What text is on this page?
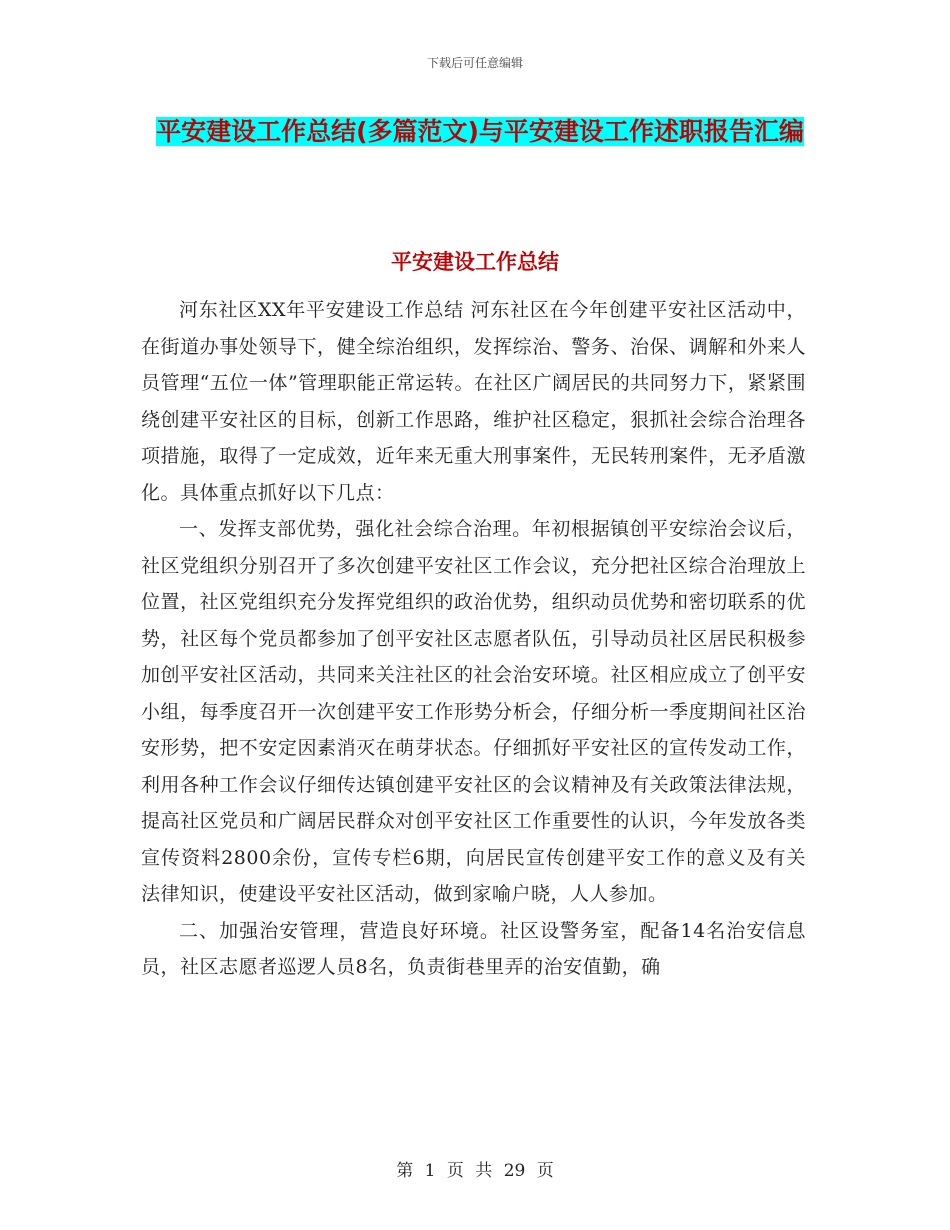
下载后可任意编辑
平安建设工作总结(多篇范文)与平安建设工作述职报告汇编
平安建设工作总结

河东社区XX年平安建设工作总结 河东社区在今年创建平安社区活动中，在街道办事处领导下，健全综治组织，发挥综治、警务、治保、调解和外来人员管理“五位一体”管理职能正常运转。在社区广阔居民的共同努力下，紧紧围绕创建平安社区的目标，创新工作思路，维护社区稳定，狠抓社会综合治理各项措施，取得了一定成效，近年来无重大刑事案件，无民转刑案件，无矛盾激化。具体重点抓好以下几点：

一、发挥支部优势，强化社会综合治理。年初根据镇创平安综治会议后，社区党组织分别召开了多次创建平安社区工作会议，充分把社区综合治理放上位置，社区党组织充分发挥党组织的政治优势，组织动员优势和密切联系的优势，社区每个党员都参加了创平安社区志愿者队伍，引导动员社区居民积极参加创平安社区活动，共同来关注社区的社会治安环境。社区相应成立了创平安小组，每季度召开一次创建平安工作形势分析会，仔细分析一季度期间社区治安形势，把不安定因素消灭在萌芽状态。仔细抓好平安社区的宣传发动工作，利用各种工作会议仔细传达镇创建平安社区的会议精神及有关政策法律法规，提高社区党员和广阔居民群众对创平安社区工作重要性的认识，今年发放各类宣传资料2800余份，宣传专栏6期，向居民宣传创建平安工作的意义及有关法律知识，使建设平安社区活动，做到家喻户晓，人人参加。

二、加强治安管理，营造良好环境。社区设警务室，配备14名治安信息员，社区志愿者巡逻人员8名，负责街巷里弄的治安值勤，确

第 1 页 共 29 页
